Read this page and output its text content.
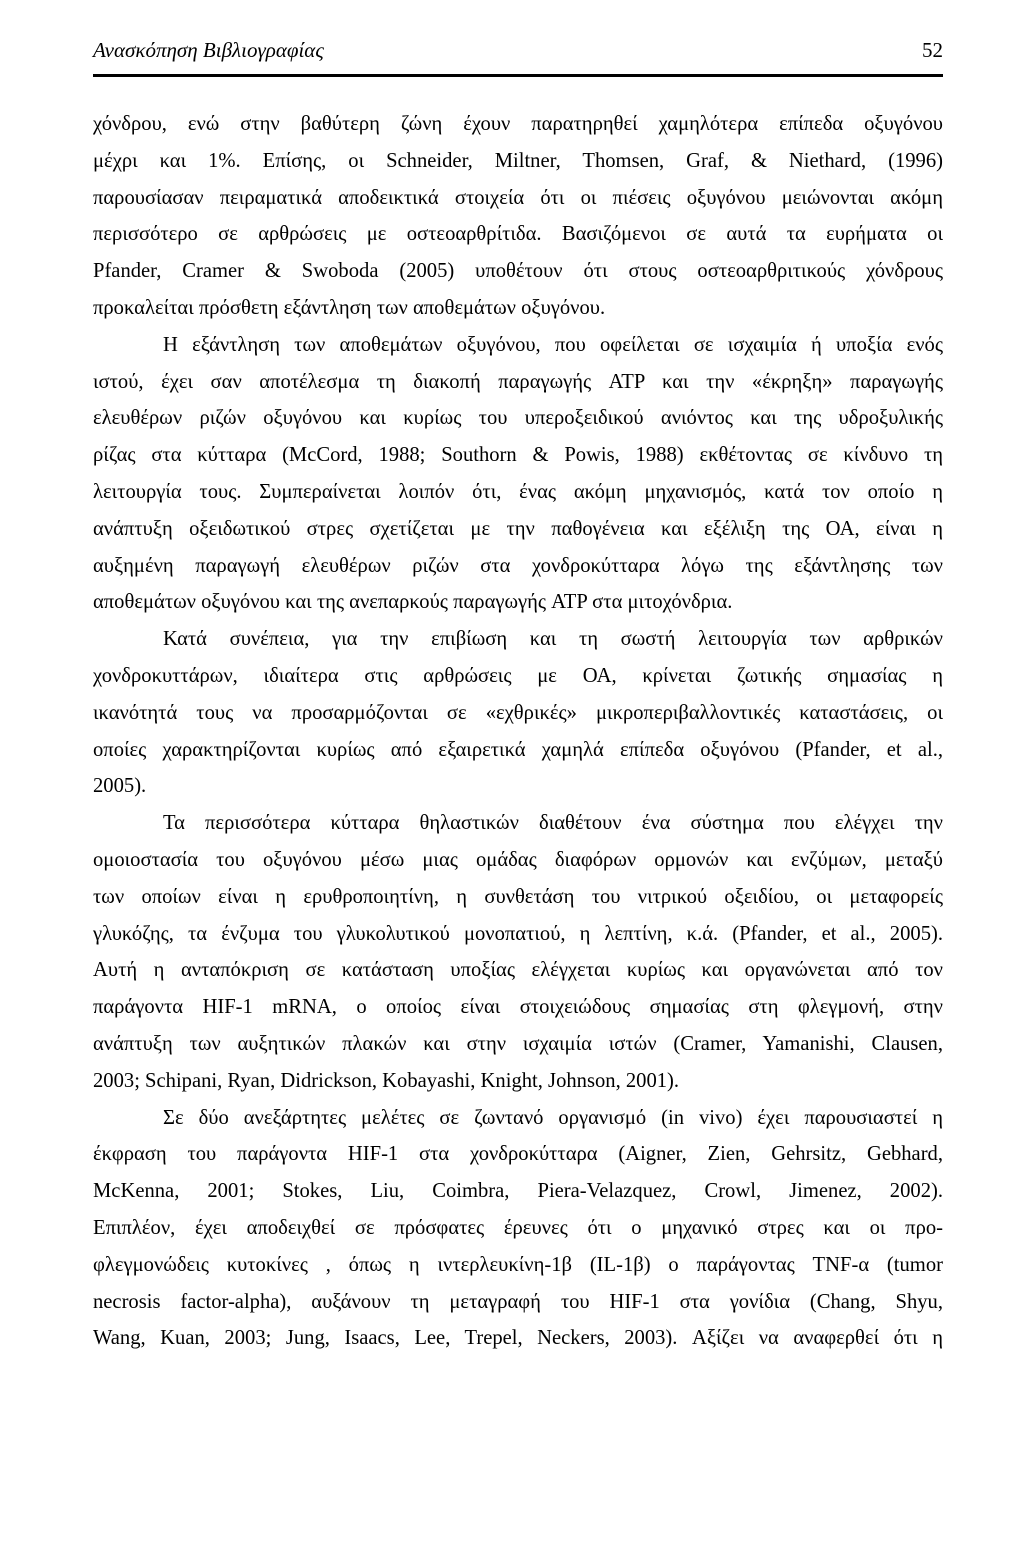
Ανασκόπηση Βιβλιογραφίας	52
χόνδρου, ενώ στην βαθύτερη ζώνη έχουν παρατηρηθεί χαμηλότερα επίπεδα οξυγόνου
μέχρι και 1%. Επίσης, οι Schneider, Miltner, Thomsen, Graf, & Niethard, (1996)
παρουσίασαν πειραματικά αποδεικτικά στοιχεία ότι οι πιέσεις οξυγόνου μειώνονται ακόμη
περισσότερο σε αρθρώσεις με οστεοαρθρίτιδα. Βασιζόμενοι σε αυτά τα ευρήματα οι
Pfander, Cramer & Swoboda (2005) υποθέτουν ότι στους οστεοαρθριτικούς χόνδρους
προκαλείται πρόσθετη εξάντληση των αποθεμάτων οξυγόνου.
Η εξάντληση των αποθεμάτων οξυγόνου, που οφείλεται σε ισχαιμία ή υποξία ενός
ιστού, έχει σαν αποτέλεσμα τη διακοπή παραγωγής ATP και την «έκρηξη» παραγωγής
ελευθέρων ριζών οξυγόνου και κυρίως του υπεροξειδικού ανιόντος και της υδροξυλικής
ρίζας στα κύτταρα (McCord, 1988; Southorn & Powis, 1988) εκθέτοντας σε κίνδυνο τη
λειτουργία τους. Συμπεραίνεται λοιπόν ότι, ένας ακόμη μηχανισμός, κατά τον οποίο η
ανάπτυξη οξειδωτικού στρες σχετίζεται με την παθογένεια και εξέλιξη της ΟΑ, είναι η
αυξημένη παραγωγή ελευθέρων ριζών στα χονδροκύτταρα λόγω της εξάντλησης των
αποθεμάτων οξυγόνου και της ανεπαρκούς παραγωγής ATP στα μιτοχόνδρια.
Κατά συνέπεια, για την επιβίωση και τη σωστή λειτουργία των αρθρικών
χονδροκυττάρων, ιδιαίτερα στις αρθρώσεις με ΟΑ, κρίνεται ζωτικής σημασίας η
ικανότητά τους να προσαρμόζονται σε «εχθρικές» μικροπεριβαλλοντικές καταστάσεις, οι
οποίες χαρακτηρίζονται κυρίως από εξαιρετικά χαμηλά επίπεδα οξυγόνου (Pfander, et al.,
2005).
Τα περισσότερα κύτταρα θηλαστικών διαθέτουν ένα σύστημα που ελέγχει την
ομοιοστασία του οξυγόνου μέσω μιας ομάδας διαφόρων ορμονών και ενζύμων, μεταξύ
των οποίων είναι η ερυθροποιητίνη, η συνθετάση του νιτρικού οξειδίου, οι μεταφορείς
γλυκόζης, τα ένζυμα του γλυκολυτικού μονοπατιού, η λεπτίνη, κ.ά. (Pfander, et al., 2005).
Αυτή η ανταπόκριση σε κατάσταση υποξίας ελέγχεται κυρίως και οργανώνεται από τον
παράγοντα HIF-1 mRNA, ο οποίος είναι στοιχειώδους σημασίας στη φλεγμονή, στην
ανάπτυξη των αυξητικών πλακών και στην ισχαιμία ιστών (Cramer, Yamanishi, Clausen,
2003; Schipani, Ryan, Didrickson, Kobayashi, Knight, Johnson, 2001).
Σε δύο ανεξάρτητες μελέτες σε ζωντανό οργανισμό (in vivo) έχει παρουσιαστεί η
έκφραση του παράγοντα HIF-1 στα χονδροκύτταρα (Aigner, Zien, Gehrsitz, Gebhard,
McKenna, 2001; Stokes, Liu, Coimbra, Piera-Velazquez, Crowl, Jimenez, 2002).
Επιπλέον, έχει αποδειχθεί σε πρόσφατες έρευνες ότι ο μηχανικό στρες και οι προ-
φλεγμονώδεις κυτοκίνες , όπως η ιντερλευκίνη-1β (IL-1β) ο παράγοντας TNF-α (tumor
necrosis factor-alpha), αυξάνουν τη μεταγραφή του HIF-1 στα γονίδια (Chang, Shyu,
Wang, Kuan, 2003; Jung, Isaacs, Lee, Trepel, Neckers, 2003). Αξίζει να αναφερθεί ότι η
